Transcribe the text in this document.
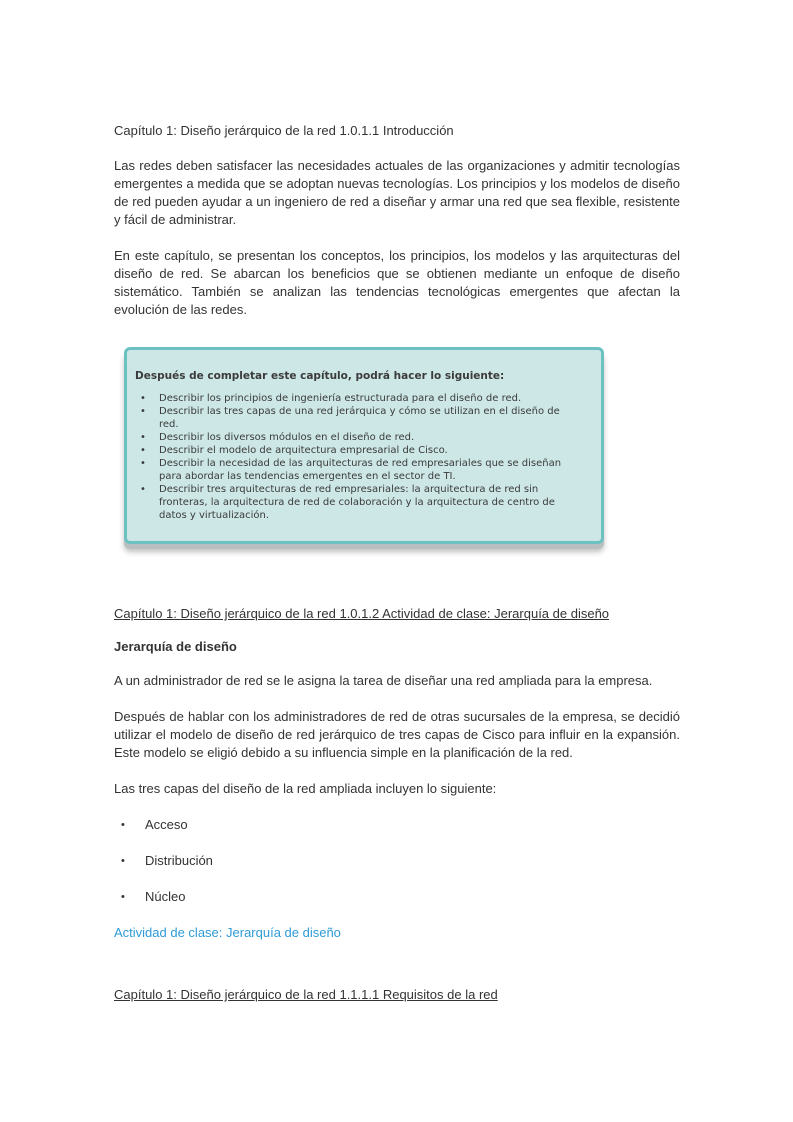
Capítulo 1: Diseño jerárquico de la red 1.0.1.1 Introducción

Las redes deben satisfacer las necesidades actuales de las organizaciones y admitir tecnologías emergentes a medida que se adoptan nuevas tecnologías. Los principios y los modelos de diseño de red pueden ayudar a un ingeniero de red a diseñar y armar una red que sea flexible, resistente y fácil de administrar.

En este capítulo, se presentan los conceptos, los principios, los modelos y las arquitecturas del diseño de red. Se abarcan los beneficios que se obtienen mediante un enfoque de diseño sistemático. También se analizan las tendencias tecnológicas emergentes que afectan la evolución de las redes.

Después de completar este capítulo, podrá hacer lo siguiente:
• Describir los principios de ingeniería estructurada para el diseño de red.
• Describir las tres capas de una red jerárquica y cómo se utilizan en el diseño de red.
• Describir los diversos módulos en el diseño de red.
• Describir el modelo de arquitectura empresarial de Cisco.
• Describir la necesidad de las arquitecturas de red empresariales que se diseñan para abordar las tendencias emergentes en el sector de TI.
• Describir tres arquitecturas de red empresariales: la arquitectura de red sin fronteras, la arquitectura de red de colaboración y la arquitectura de centro de datos y virtualización.

Capítulo 1: Diseño jerárquico de la red 1.0.1.2 Actividad de clase: Jerarquía de diseño

Jerarquía de diseño

A un administrador de red se le asigna la tarea de diseñar una red ampliada para la empresa.

Después de hablar con los administradores de red de otras sucursales de la empresa, se decidió utilizar el modelo de diseño de red jerárquico de tres capas de Cisco para influir en la expansión. Este modelo se eligió debido a su influencia simple en la planificación de la red.

Las tres capas del diseño de la red ampliada incluyen lo siguiente:

• Acceso
• Distribución
• Núcleo
Actividad de clase: Jerarquía de diseño

Capítulo 1: Diseño jerárquico de la red 1.1.1.1 Requisitos de la red
